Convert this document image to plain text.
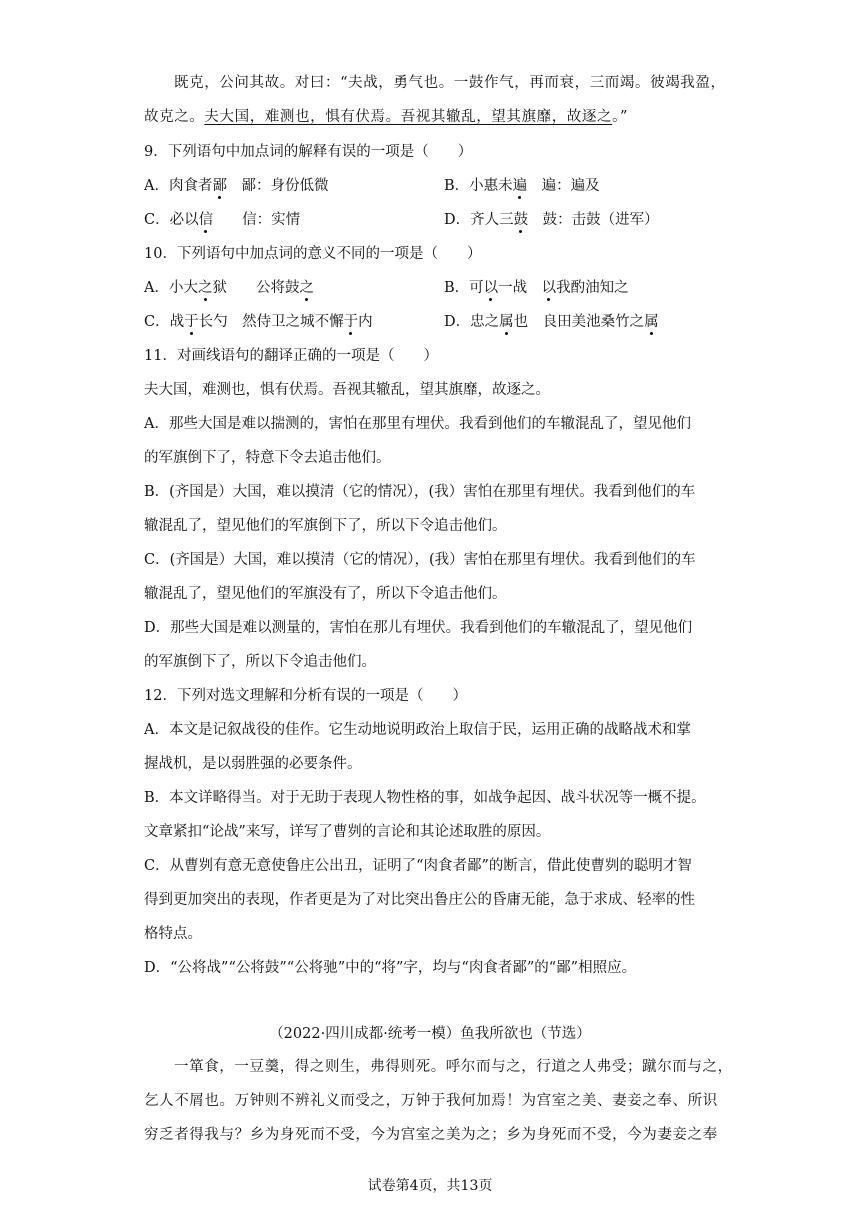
既克，公问其故。对曰：“夫战，勇气也。一鼓作气，再而衰，三而竭。彼竭我盈，
故克之。夫大国，难测也，惧有伏焉。吾视其辙乱，望其旗靡，故逐之。”
9．下列语句中加点词的解释有误的一项是（　　）
A．肉食者鄙　鄙：身份低微	B．小惠未遍　遍：遍及
C．必以信　　信：实情	D．齐人三鼓　鼓：击鼓（进军）
10．下列语句中加点词的意义不同的一项是（　　）
A．小大之狱　　公将鼓之	B．可以一战　以我酌油知之
C．战于长勺　然侍卫之城不懈于内	D．忠之属也　良田美池桑竹之属
11．对画线语句的翻译正确的一项是（　　）
夫大国，难测也，惧有伏焉。吾视其辙乱，望其旗靡，故逐之。
A．那些大国是难以揣测的，害怕在那里有埋伏。我看到他们的车辙混乱了，望见他们
的军旗倒下了，特意下令去追击他们。
B．(齐国是）大国，难以摸清（它的情况），(我）害怕在那里有埋伏。我看到他们的车
辙混乱了，望见他们的军旗倒下了，所以下令追击他们。
C．(齐国是）大国，难以摸清（它的情况），(我）害怕在那里有埋伏。我看到他们的车
辙混乱了，望见他们的军旗没有了，所以下令追击他们。
D．那些大国是难以测量的，害怕在那儿有埋伏。我看到他们的车辙混乱了，望见他们
的军旗倒下了，所以下令追击他们。
12．下列对选文理解和分析有误的一项是（　　）
A．本文是记叙战役的佳作。它生动地说明政治上取信于民，运用正确的战略战术和掌
握战机，是以弱胜强的必要条件。
B．本文详略得当。对于无助于表现人物性格的事，如战争起因、战斗状况等一概不提。
文章紧扣“论战”来写，详写了曹刿的言论和其论述取胜的原因。
C．从曹刿有意无意使鲁庄公出丑，证明了“肉食者鄙”的断言，借此使曹刿的聪明才智
得到更加突出的表现，作者更是为了对比突出鲁庄公的昏庸无能，急于求成、轻率的性
格特点。
D．“公将战”“公将鼓”“公将驰”中的“将”字，均与“肉食者鄙”的“鄙”相照应。
（2022·四川成都·统考一模）鱼我所欲也（节选）
一箪食，一豆羹，得之则生，弗得则死。呼尔而与之，行道之人弗受；蹴尔而与之，
乞人不屑也。万钟则不辨礼义而受之，万钟于我何加焉！为宫室之美、妻妾之奉、所识
穷乏者得我与？乡为身死而不受，今为宫室之美为之；乡为身死而不受，今为妻妾之奉
试卷第4页，共13页
